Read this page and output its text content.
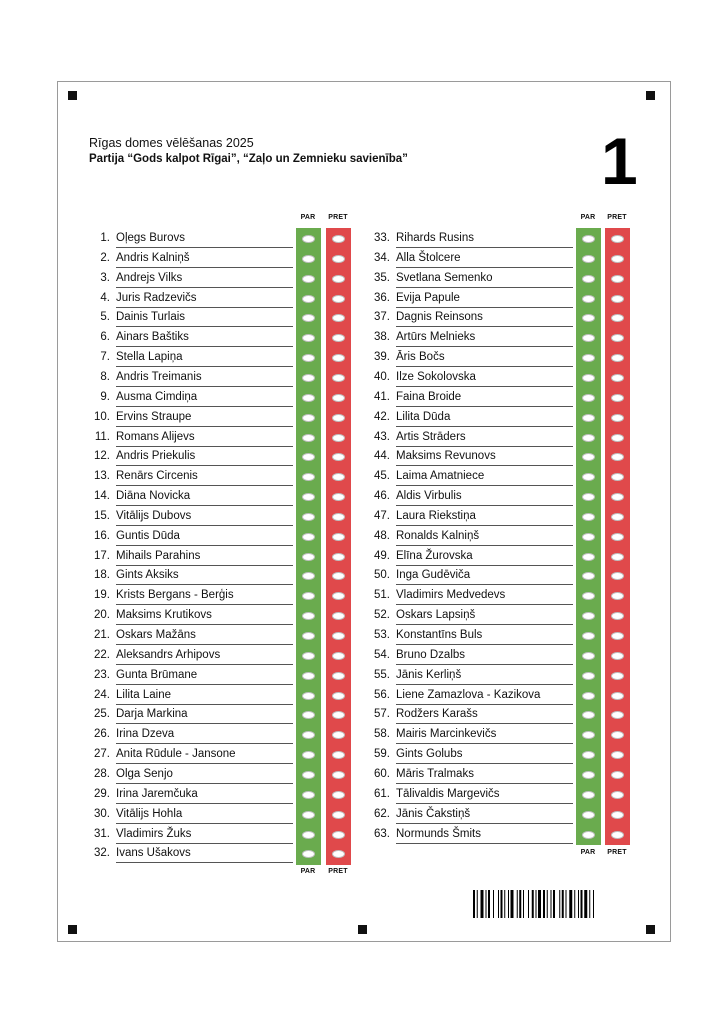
Rīgas domes vēlēšanas 2025
Partija “Gods kalpot Rīgai”, “Zaļo un Zemnieku savienība”	1
PAR	PRET
PAR	PRET
PAR	PRET
PAR	PRET
1. Oļegs Burovs
2. Andris Kalniņš
3. Andrejs Vilks
4. Juris Radzevičs
5. Dainis Turlais
6. Ainars Baštiks
7. Stella Lapiņa
8. Andris Treimanis
9. Ausma Cimdiņa
10. Ervins Straupe
11. Romans Alijevs
12. Andris Priekulis
13. Renārs Circenis
14. Diāna Novicka
15. Vitālijs Dubovs
16. Guntis Dūda
17. Mihails Parahins
18. Gints Aksiks
19. Krists Bergans - Berģis
20. Maksims Krutikovs
21. Oskars Mažāns
22. Aleksandrs Arhipovs
23. Gunta Brūmane
24. Lilita Laine
25. Darja Markina
26. Irina Dzeva
27. Anita Rūdule - Jansone
28. Olga Senjo
29. Irina Jaremčuka
30. Vitālijs Hohla
31. Vladimirs Žuks
32. Ivans Ušakovs
33. Rihards Rusins
34. Alla Štolcere
35. Svetlana Semenko
36. Evija Papule
37. Dagnis Reinsons
38. Artūrs Melnieks
39. Āris Bočs
40. Ilze Sokolovska
41. Faina Broide
42. Lilita Dūda
43. Artis Strāders
44. Maksims Revunovs
45. Laima Amatniece
46. Aldis Virbulis
47. Laura Riekstiņa
48. Ronalds Kalniņš
49. Elīna Žurovska
50. Inga Gudēviča
51. Vladimirs Medvedevs
52. Oskars Lapsiņš
53. Konstantīns Buls
54. Bruno Dzalbs
55. Jānis Kerliņš
56. Liene Zamazlova - Kazikova
57. Rodžers Karašs
58. Mairis Marcinkevičs
59. Gints Golubs
60. Māris Tralmaks
61. Tālivaldis Margevičs
62. Jānis Čakstiņš
63. Normunds Šmits
